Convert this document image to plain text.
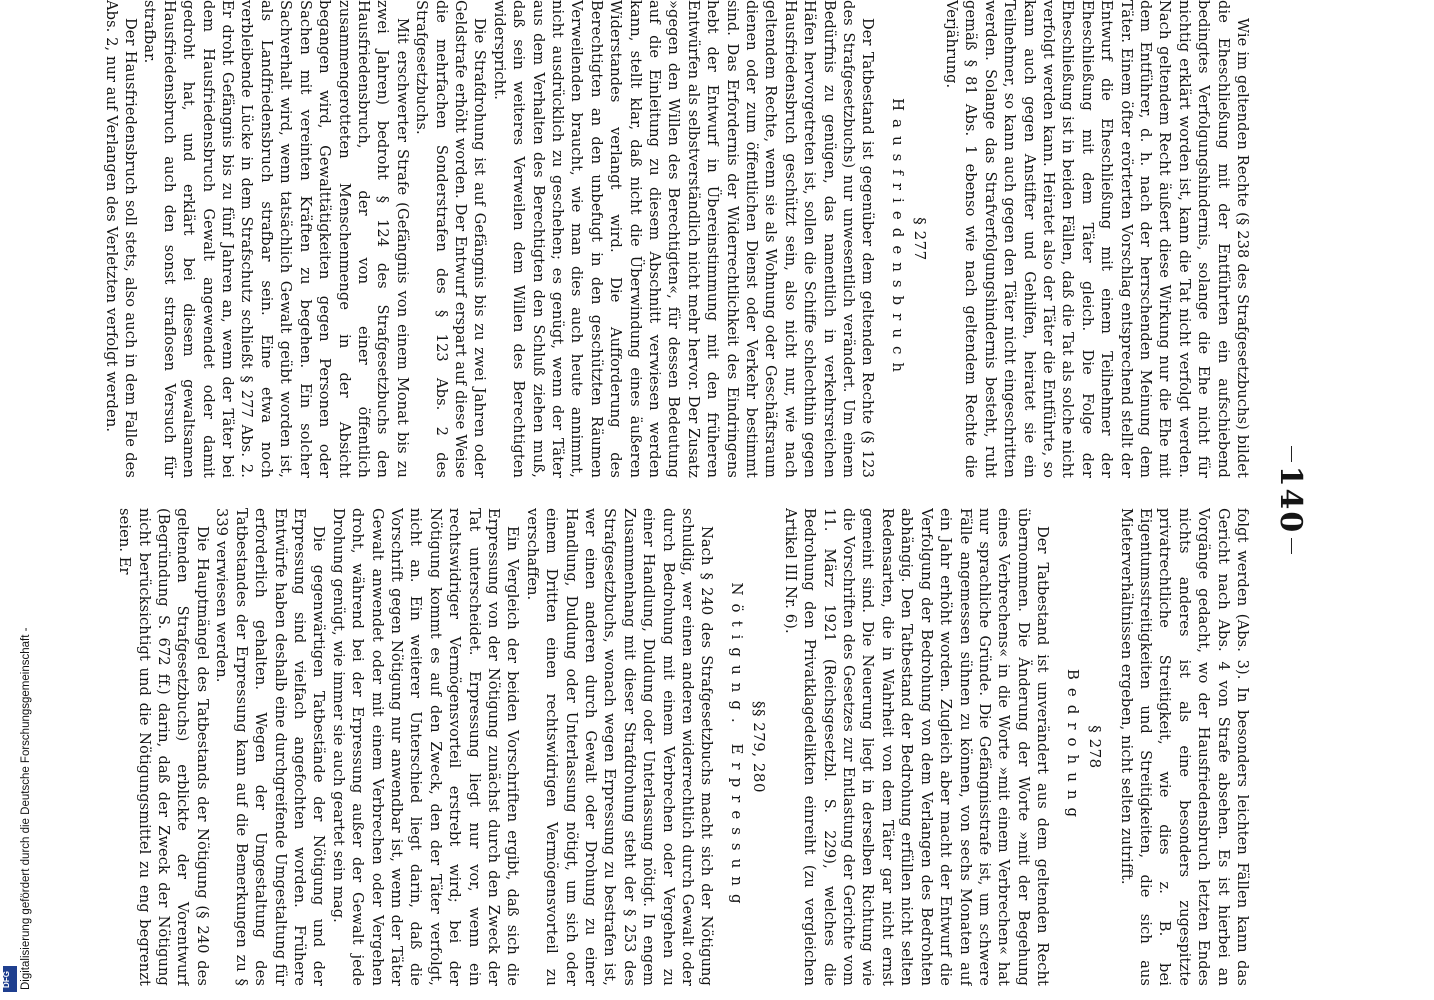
140

Wie im geltenden Rechte (§ 238 des Strafgesetzbuchs) bildet die Eheschließung mit der Entführten ein aufschiebend bedingtes Verfolgungshindernis, solange die Ehe nicht für nichtig erklärt worden ist, kann die Tat nicht verfolgt werden. Nach geltendem Recht äußert diese Wirkung nur die Ehe mit dem Entführer, d. h. nach der herrschenden Meinung dem Täter. Einem öfter erörterten Vorschlag entsprechend stellt der Entwurf die Eheschließung mit einem Teilnehmer der Eheschließung mit dem Täter gleich. Die Folge der Eheschließung ist in beiden Fällen, daß die Tat als solche nicht verfolgt werden kann. Heiratet also der Täter die Entführte, so kann auch gegen Anstifter und Gehilfen, heiratet sie ein Teilnehmer, so kann auch gegen den Täter nicht eingeschritten werden. Solange das Strafverfolgungshindernis besteht, ruht gemäß § 81 Abs. 1 ebenso wie nach geltendem Rechte die Verjährung.

§ 277
Hausfriedensbruch

Der Tatbestand ist gegenüber dem geltenden Rechte (§ 123 des Strafgesetzbuchs) nur unwesentlich verändert. Um einem Bedürfnis zu genügen, das namentlich in verkehrsreichen Häfen hervorgetreten ist, sollen die Schiffe schlechthin gegen Hausfriedensbruch geschützt sein, also nicht nur, wie nach geltendem Rechte, wenn sie als Wohnung oder Geschäftsraum dienen oder zum öffentlichen Dienst oder Verkehr bestimmt sind. Das Erfordernis der Widerrechtlichkeit des Eindringens hebt der Entwurf in Übereinstimmung mit den früheren Entwürfen als selbstverständlich nicht mehr hervor. Der Zusatz »gegen den Willen des Berechtigten«, für dessen Bedeutung auf die Einleitung zu diesem Abschnitt verwiesen werden kann, stellt klar, daß nicht die Überwindung eines äußeren Widerstandes verlangt wird. Die Aufforderung des Berechtigten an den unbefugt in den geschützten Räumen Verweilenden braucht, wie man dies auch heute annimmt, nicht ausdrücklich zu geschehen; es genügt, wenn der Täter aus dem Verhalten des Berechtigten den Schluß ziehen muß, daß sein weiteres Verweilen dem Willen des Berechtigten widerspricht.

Die Strafdrohung ist auf Gefängnis bis zu zwei Jahren oder Geldstrafe erhöht worden. Der Entwurf erspart auf diese Weise die mehrfachen Sonderstrafen des § 123 Abs. 2 des Strafgesetzbuchs.

Mit erschwerter Strafe (Gefängnis von einem Monat bis zu zwei Jahren) bedroht § 124 des Strafgesetzbuchs den Hausfriedensbruch, der von einer öffentlich zusammengerotteten Menschenmenge in der Absicht begangen wird, Gewalttätigkeiten gegen Personen oder Sachen mit vereinten Kräften zu begehen. Ein solcher Sachverhalt wird, wenn tatsächlich Gewalt geübt worden ist, als Landfriedensbruch strafbar sein. Eine etwa noch verbleibende Lücke in dem Strafschutz schließt § 277 Abs. 2. Er droht Gefängnis bis zu fünf Jahren an, wenn der Täter bei dem Hausfriedensbruch Gewalt angewendet oder damit gedroht hat, und erklärt bei diesem gewaltsamen Hausfriedensbruch auch den sonst straflosen Versuch für strafbar.

Der Hausfriedensbruch soll stets, also auch in dem Falle des Abs. 2, nur auf Verlangen des Verletzten verfolgt werden.

folgt werden (Abs. 3). In besonders leichten Fällen kann das Gericht nach Abs. 4 von Strafe absehen. Es ist hierbei an Vorgänge gedacht, wo der Hausfriedensbruch letzten Endes nichts anderes ist als eine besonders zugespitzte privatrechtliche Streitigkeit, wie dies z. B. bei Eigentumsstreitigkeiten und Streitigkeiten, die sich aus Mieterverhältnissen ergeben, nicht selten zutrifft.

§ 278
Bedrohung

Der Tatbestand ist unverändert aus dem geltenden Recht übernommen. Die Änderung der Worte »mit der Begehung eines Verbrechens« in die Worte »mit einem Verbrechen« hat nur sprachliche Gründe. Die Gefängnisstrafe ist, um schwere Fälle angemessen sühnen zu können, von sechs Monaten auf ein Jahr erhöht worden. Zugleich aber macht der Entwurf die Verfolgung der Bedrohung von dem Verlangen des Bedrohten abhängig. Den Tatbestand der Bedrohung erfüllen nicht selten Redensarten, die in Wahrheit von dem Täter gar nicht ernst gemeint sind. Die Neuerung liegt in derselben Richtung wie die Vorschriften des Gesetzes zur Entlastung der Gerichte vom 11. März 1921 (Reichsgesetzbl. S. 229), welches die Bedrohung den Privatklagedelikten einreiht (zu vergleichen Artikel III Nr. 6).

§§ 279, 280
Nötigung. Erpressung

Nach § 240 des Strafgesetzbuchs macht sich der Nötigung schuldig, wer einen anderen widerrechtlich durch Gewalt oder durch Bedrohung mit einem Verbrechen oder Vergehen zu einer Handlung, Duldung oder Unterlassung nötigt. In engem Zusammenhang mit dieser Strafdrohung steht der § 253 des Strafgesetzbuchs, wonach wegen Erpressung zu bestrafen ist, wer einen anderen durch Gewalt oder Drohung zu einer Handlung, Duldung oder Unterlassung nötigt, um sich oder einem Dritten einen rechtswidrigen Vermögensvorteil zu verschaffen.

Ein Vergleich der beiden Vorschriften ergibt, daß sich die Erpressung von der Nötigung zunächst durch den Zweck der Tat unterscheidet. Erpressung liegt nur vor, wenn ein rechtswidriger Vermögensvorteil erstrebt wird; bei der Nötigung kommt es auf den Zweck, den der Täter verfolgt, nicht an. Ein weiterer Unterschied liegt darin, daß die Vorschrift gegen Nötigung nur anwendbar ist, wenn der Täter Gewalt anwendet oder mit einem Verbrechen oder Vergehen droht, während bei der Erpressung außer der Gewalt jede Drohung genügt, wie immer sie auch geartet sein mag.

Die gegenwärtigen Tatbestände der Nötigung und der Erpressung sind vielfach angefochten worden. Frühere Entwürfe haben deshalb eine durchgreifende Umgestaltung für erforderlich gehalten. Wegen der Umgestaltung des Tatbestandes der Erpressung kann auf die Bemerkungen zu § 339 verwiesen werden.

Die Hauptmängel des Tatbestands der Nötigung (§ 240 des geltenden Strafgesetzbuchs) erblickte der Vorentwurf (Begründung S. 672 ff.) darin, daß der Zweck der Nötigung nicht berücksichtigt und die Nötigungsmittel zu eng begrenzt seien. Er

Digitalisierung gefördert durch die Deutsche Forschungsgemeinschaft -
DFG
